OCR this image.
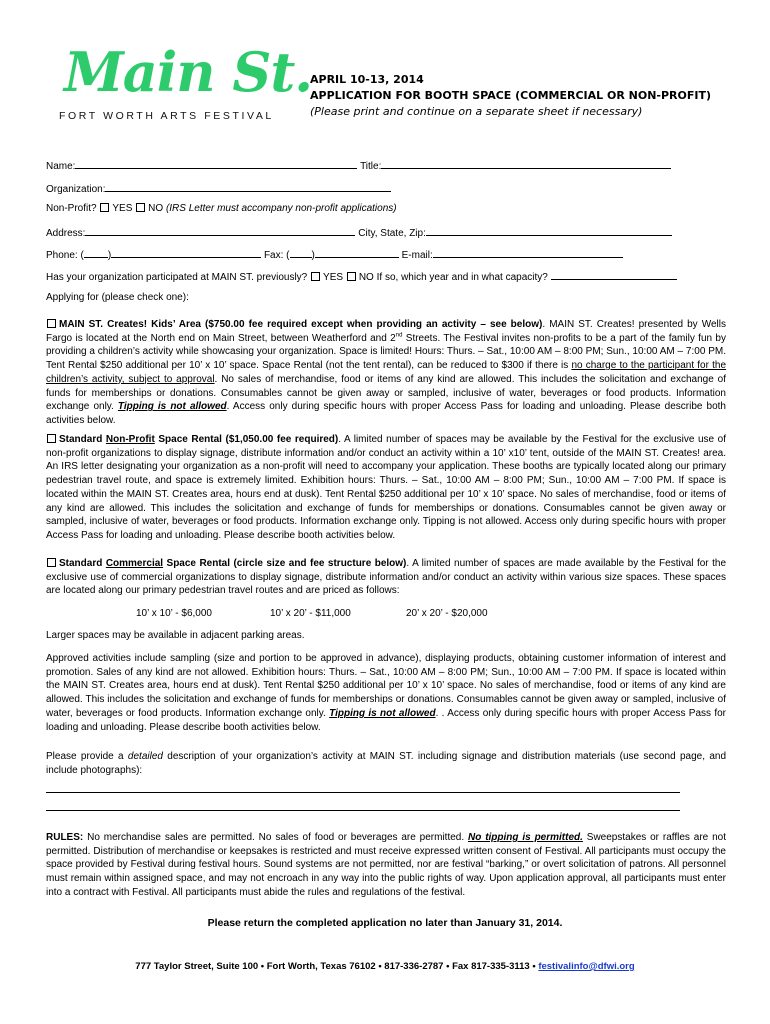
Main St.
FORT WORTH ARTS FESTIVAL
APRIL 10-13, 2014
APPLICATION FOR BOOTH SPACE (COMMERCIAL OR NON-PROFIT)
(Please print and continue on a separate sheet if necessary)
Name:	Title:
Organization:
Non-Profit? YES NO (IRS Letter must accompany non-profit applications)
Address:	City, State, Zip:
Phone: ( )	Fax: ( )	E-mail:
Has your organization participated at MAIN ST. previously? YES NO If so, which year and in what capacity?
Applying for (please check one):
MAIN ST. Creates! Kids’ Area ($750.00 fee required except when providing an activity – see below). MAIN ST. Creates! presented by Wells Fargo is located at the North end on Main Street, between Weatherford and 2nd Streets. The Festival invites non-profits to be a part of the family fun by providing a children’s activity while showcasing your organization. Space is limited! Hours: Thurs. – Sat., 10:00 AM – 8:00 PM; Sun., 10:00 AM – 7:00 PM. Tent Rental $250 additional per 10’ x 10’ space. Space Rental (not the tent rental), can be reduced to $300 if there is no charge to the participant for the children’s activity, subject to approval. No sales of merchandise, food or items of any kind are allowed. This includes the solicitation and exchange of funds for memberships or donations. Consumables cannot be given away or sampled, inclusive of water, beverages or food products. Information exchange only. Tipping is not allowed. Access only during specific hours with proper Access Pass for loading and unloading. Please describe both activities below.
Standard Non-Profit Space Rental ($1,050.00 fee required). A limited number of spaces may be available by the Festival for the exclusive use of non-profit organizations to display signage, distribute information and/or conduct an activity within a 10’ x10’ tent, outside of the MAIN ST. Creates! area. An IRS letter designating your organization as a non-profit will need to accompany your application. These booths are typically located along our primary pedestrian travel route, and space is extremely limited. Exhibition hours: Thurs. – Sat., 10:00 AM – 8:00 PM; Sun., 10:00 AM – 7:00 PM. If space is located within the MAIN ST. Creates area, hours end at dusk). Tent Rental $250 additional per 10’ x 10’ space. No sales of merchandise, food or items of any kind are allowed. This includes the solicitation and exchange of funds for memberships or donations. Consumables cannot be given away or sampled, inclusive of water, beverages or food products. Information exchange only. Tipping is not allowed. Access only during specific hours with proper Access Pass for loading and unloading. Please describe booth activities below.
Standard Commercial Space Rental (circle size and fee structure below). A limited number of spaces are made available by the Festival for the exclusive use of commercial organizations to display signage, distribute information and/or conduct an activity within various size spaces. These spaces are located along our primary pedestrian travel routes and are priced as follows:
10’ x 10’ - $6,000	10’ x 20’ - $11,000	20’ x 20’ - $20,000
Larger spaces may be available in adjacent parking areas.
Approved activities include sampling (size and portion to be approved in advance), displaying products, obtaining customer information of interest and promotion. Sales of any kind are not allowed. Exhibition hours: Thurs. – Sat., 10:00 AM – 8:00 PM; Sun., 10:00 AM – 7:00 PM. If space is located within the MAIN ST. Creates area, hours end at dusk). Tent Rental $250 additional per 10’ x 10’ space. No sales of merchandise, food or items of any kind are allowed. This includes the solicitation and exchange of funds for memberships or donations. Consumables cannot be given away or sampled, inclusive of water, beverages or food products. Information exchange only. Tipping is not allowed. . Access only during specific hours with proper Access Pass for loading and unloading. Please describe booth activities below.
Please provide a detailed description of your organization’s activity at MAIN ST. including signage and distribution materials (use second page, and include photographs):
RULES: No merchandise sales are permitted. No sales of food or beverages are permitted. No tipping is permitted. Sweepstakes or raffles are not permitted. Distribution of merchandise or keepsakes is restricted and must receive expressed written consent of Festival. All participants must occupy the space provided by Festival during festival hours. Sound systems are not permitted, nor are festival “barking,” or overt solicitation of patrons. All personnel must remain within assigned space, and may not encroach in any way into the public rights of way. Upon application approval, all participants must enter into a contract with Festival. All participants must abide the rules and regulations of the festival.
Please return the completed application no later than January 31, 2014.
777 Taylor Street, Suite 100 • Fort Worth, Texas 76102 • 817-336-2787 • Fax 817-335-3113 • festivalinfo@dfwi.org
